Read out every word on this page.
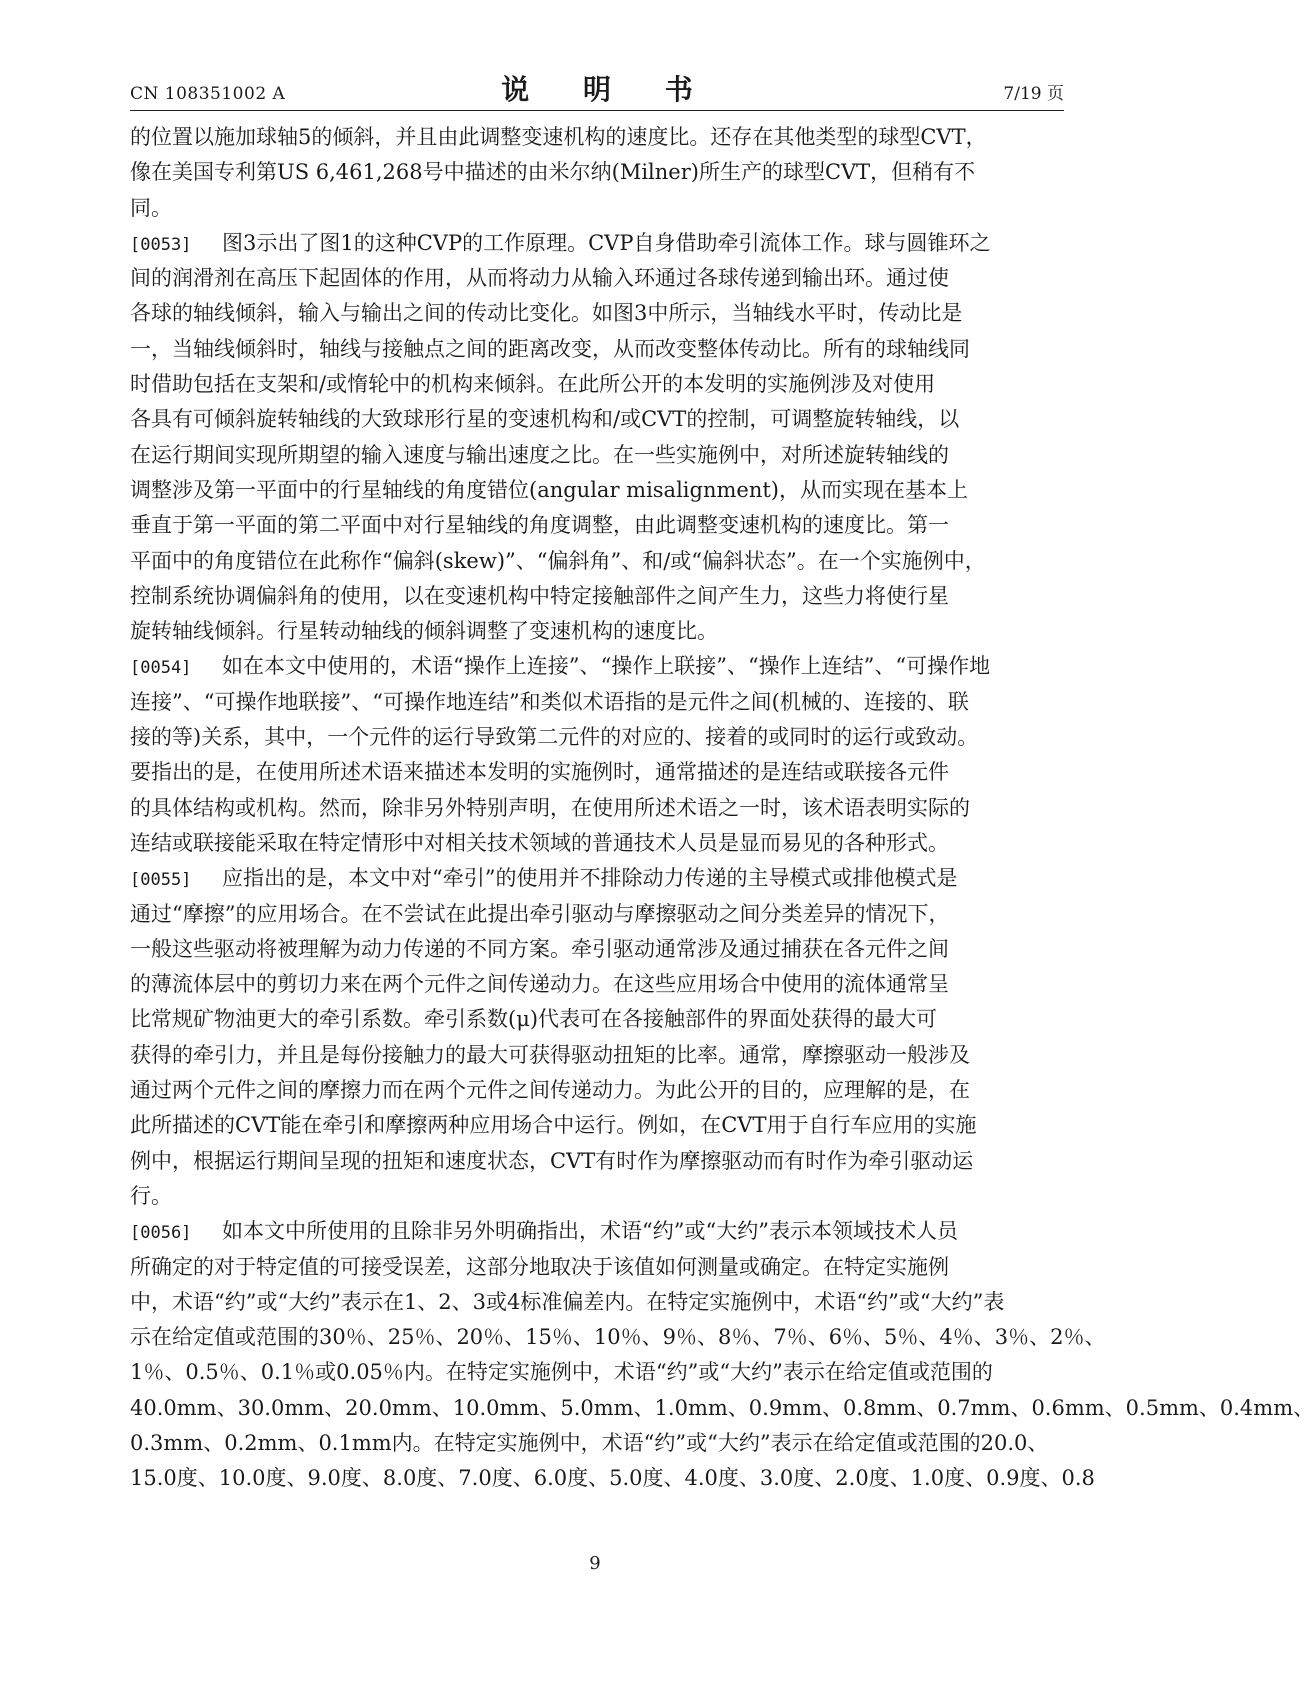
CN 108351002 A	说 明 书	7/19 页
的位置以施加球轴5的倾斜，并且由此调整变速机构的速度比。还存在其他类型的球型CVT，
像在美国专利第US 6,461,268号中描述的由米尔纳(Milner)所生产的球型CVT，但稍有不
同。
[0053] 图3示出了图1的这种CVP的工作原理。CVP自身借助牵引流体工作。球与圆锥环之
间的润滑剂在高压下起固体的作用，从而将动力从输入环通过各球传递到输出环。通过使
各球的轴线倾斜，输入与输出之间的传动比变化。如图3中所示，当轴线水平时，传动比是
一，当轴线倾斜时，轴线与接触点之间的距离改变，从而改变整体传动比。所有的球轴线同
时借助包括在支架和/或惰轮中的机构来倾斜。在此所公开的本发明的实施例涉及对使用
各具有可倾斜旋转轴线的大致球形行星的变速机构和/或CVT的控制，可调整旋转轴线，以
在运行期间实现所期望的输入速度与输出速度之比。在一些实施例中，对所述旋转轴线的
调整涉及第一平面中的行星轴线的角度错位(angular misalignment)，从而实现在基本上
垂直于第一平面的第二平面中对行星轴线的角度调整，由此调整变速机构的速度比。第一
平面中的角度错位在此称作“偏斜(skew)”、“偏斜角”、和/或“偏斜状态”。在一个实施例中，
控制系统协调偏斜角的使用，以在变速机构中特定接触部件之间产生力，这些力将使行星
旋转轴线倾斜。行星转动轴线的倾斜调整了变速机构的速度比。
[0054] 如在本文中使用的，术语“操作上连接”、“操作上联接”、“操作上连结”、“可操作地
连接”、“可操作地联接”、“可操作地连结”和类似术语指的是元件之间(机械的、连接的、联
接的等)关系，其中，一个元件的运行导致第二元件的对应的、接着的或同时的运行或致动。
要指出的是，在使用所述术语来描述本发明的实施例时，通常描述的是连结或联接各元件
的具体结构或机构。然而，除非另外特别声明，在使用所述术语之一时，该术语表明实际的
连结或联接能采取在特定情形中对相关技术领域的普通技术人员是显而易见的各种形式。
[0055] 应指出的是，本文中对“牵引”的使用并不排除动力传递的主导模式或排他模式是
通过“摩擦”的应用场合。在不尝试在此提出牵引驱动与摩擦驱动之间分类差异的情况下，
一般这些驱动将被理解为动力传递的不同方案。牵引驱动通常涉及通过捕获在各元件之间
的薄流体层中的剪切力来在两个元件之间传递动力。在这些应用场合中使用的流体通常呈
比常规矿物油更大的牵引系数。牵引系数(μ)代表可在各接触部件的界面处获得的最大可
获得的牵引力，并且是每份接触力的最大可获得驱动扭矩的比率。通常，摩擦驱动一般涉及
通过两个元件之间的摩擦力而在两个元件之间传递动力。为此公开的目的，应理解的是，在
此所描述的CVT能在牵引和摩擦两种应用场合中运行。例如，在CVT用于自行车应用的实施
例中，根据运行期间呈现的扭矩和速度状态，CVT有时作为摩擦驱动而有时作为牵引驱动运
行。
[0056] 如本文中所使用的且除非另外明确指出，术语“约”或“大约”表示本领域技术人员
所确定的对于特定值的可接受误差，这部分地取决于该值如何测量或确定。在特定实施例
中，术语“约”或“大约”表示在1、2、3或4标准偏差内。在特定实施例中，术语“约”或“大约”表
示在给定值或范围的30％、25％、20％、15％、10％、9％、8％、7％、6％、5％、4％、3％、2％、
1％、0.5％、0.1％或0.05％内。在特定实施例中，术语“约”或“大约”表示在给定值或范围的
40.0mm、30.0mm、20.0mm、10.0mm、5.0mm、1.0mm、0.9mm、0.8mm、0.7mm、0.6mm、0.5mm、0.4mm、
0.3mm、0.2mm、0.1mm内。在特定实施例中，术语“约”或“大约”表示在给定值或范围的20.0、
15.0度、10.0度、9.0度、8.0度、7.0度、6.0度、5.0度、4.0度、3.0度、2.0度、1.0度、0.9度、0.8
9
